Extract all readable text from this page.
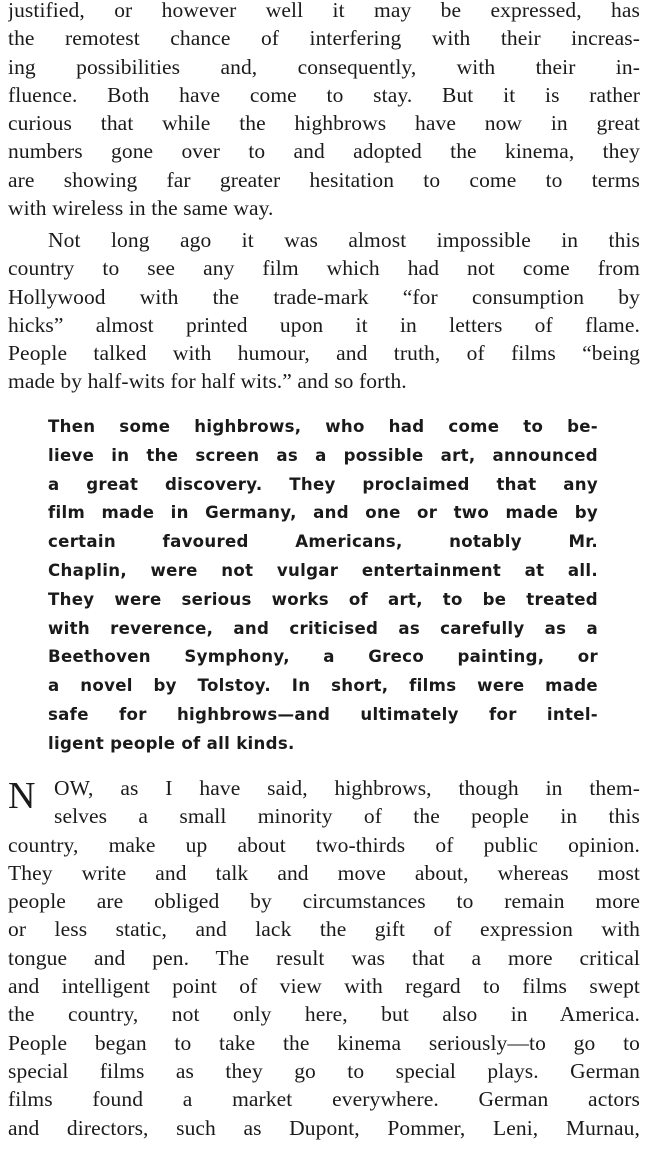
justified, or however well it may be expressed, has
the remotest chance of interfering with their increas-
ing possibilities and, consequently, with their in-
fluence. Both have come to stay. But it is rather
curious that while the highbrows have now in great
numbers gone over to and adopted the kinema, they
are showing far greater hesitation to come to terms
with wireless in the same way.
Not long ago it was almost impossible in this
country to see any film which had not come from
Hollywood with the trade-mark “for consumption by
hicks” almost printed upon it in letters of flame.
People talked with humour, and truth, of films “being
made by half-wits for half wits.” and so forth.
Then some highbrows, who had come to be-
lieve in the screen as a possible art, announced
a great discovery. They proclaimed that any
film made in Germany, and one or two made by
certain favoured Americans, notably Mr.
Chaplin, were not vulgar entertainment at all.
They were serious works of art, to be treated
with reverence, and criticised as carefully as a
Beethoven Symphony, a Greco painting, or
a novel by Tolstoy. In short, films were made
safe for highbrows—and ultimately for intel-
ligent people of all kinds.
N OW, as I have said, highbrows, though in them-
selves a small minority of the people in this
country, make up about two-thirds of public opinion.
They write and talk and move about, whereas most
people are obliged by circumstances to remain more
or less static, and lack the gift of expression with
tongue and pen. The result was that a more critical
and intelligent point of view with regard to films swept
the country, not only here, but also in America.
People began to take the kinema seriously—to go to
special films as they go to special plays. German
films found a market everywhere. German actors
and directors, such as Dupont, Pommer, Leni, Murnau,
